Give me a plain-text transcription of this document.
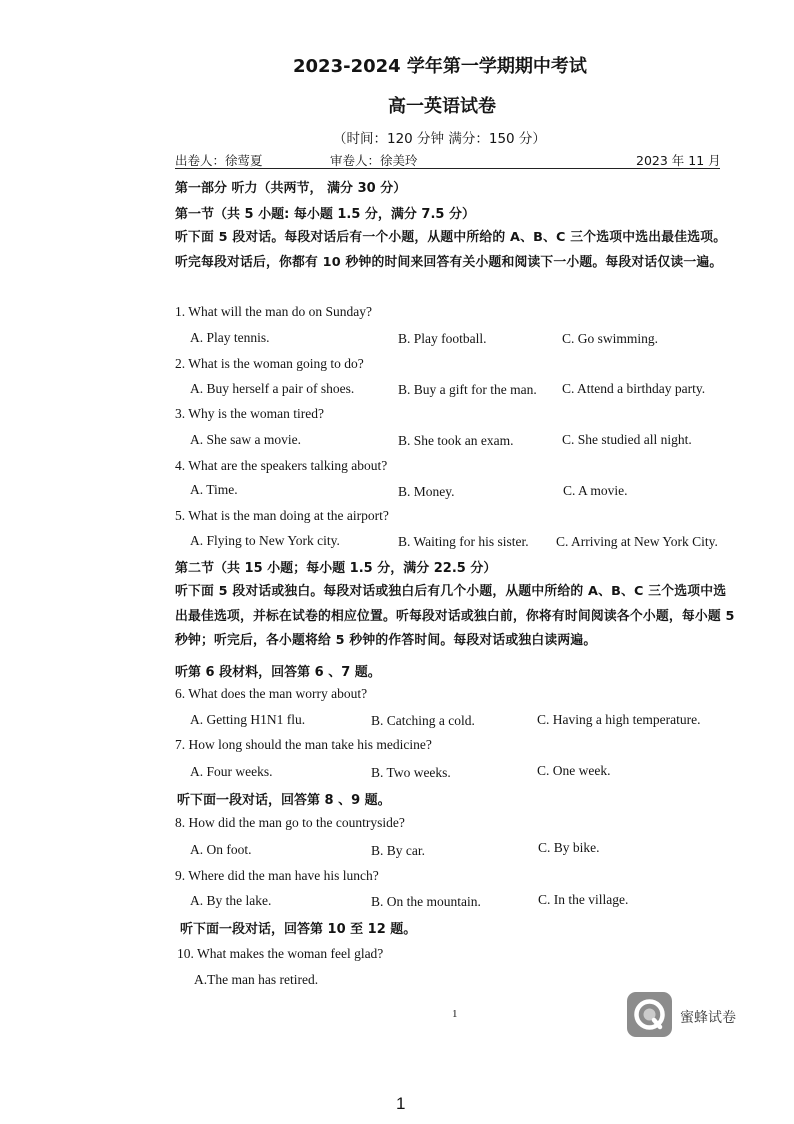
2023-2024 学年第一学期期中考试
高一英语试卷
（时间：120 分钟 满分：150 分）
出卷人：徐莺夏	审卷人：徐美玲	2023 年 11 月
第一部分 听力（共两节， 满分 30 分）
第一节（共 5 小题: 每小题 1.5 分，满分 7.5 分）
听下面 5 段对话。每段对话后有一个小题，从题中所给的 A、B、C 三个选项中选出最佳选项。听完每段对话后，你都有 10 秒钟的时间来回答有关小题和阅读下一小题。每段对话仅读一遍。
1. What will the man do on Sunday?
A. Play tennis.	B. Play football.	C. Go swimming.
2. What is the woman going to do?
A. Buy herself a pair of shoes.	B. Buy a gift for the man. C. Attend a birthday party.
3. Why is the woman tired?
A. She saw a movie.	B. She took an exam.	C. She studied all night.
4. What are the speakers talking about?
A. Time.	B. Money.	C. A movie.
5. What is the man doing at the airport?
A. Flying to New York city.	B. Waiting for his sister. C. Arriving at New York City.
第二节（共 15 小题；每小题 1.5 分，满分 22.5 分）
听下面 5 段对话或独白。每段对话或独白后有几个小题，从题中所给的 A、B、C 三个选项中选出最佳选项，并标在试卷的相应位置。听每段对话或独白前，你将有时间阅读各个小题，每小题 5 秒钟；听完后，各小题将给 5 秒钟的作答时间。每段对话或独白读两遍。
听第 6 段材料，回答第 6 、7 题。
6. What does the man worry about?
A. Getting H1N1 flu.	B. Catching a cold.	C. Having a high temperature.
7. How long should the man take his medicine?
A. Four weeks.	B. Two weeks.	C. One week.
听下面一段对话，回答第 8 、9 题。
8. How did the man go to the countryside?
A. On foot.	B. By car.	C. By bike.
9. Where did the man have his lunch?
A. By the lake.	B. On the mountain.	C. In the village.
听下面一段对话，回答第 10 至 12 题。
10. What makes the woman feel glad?
A.The man has retired.
1	蜜蜂试卷
1
